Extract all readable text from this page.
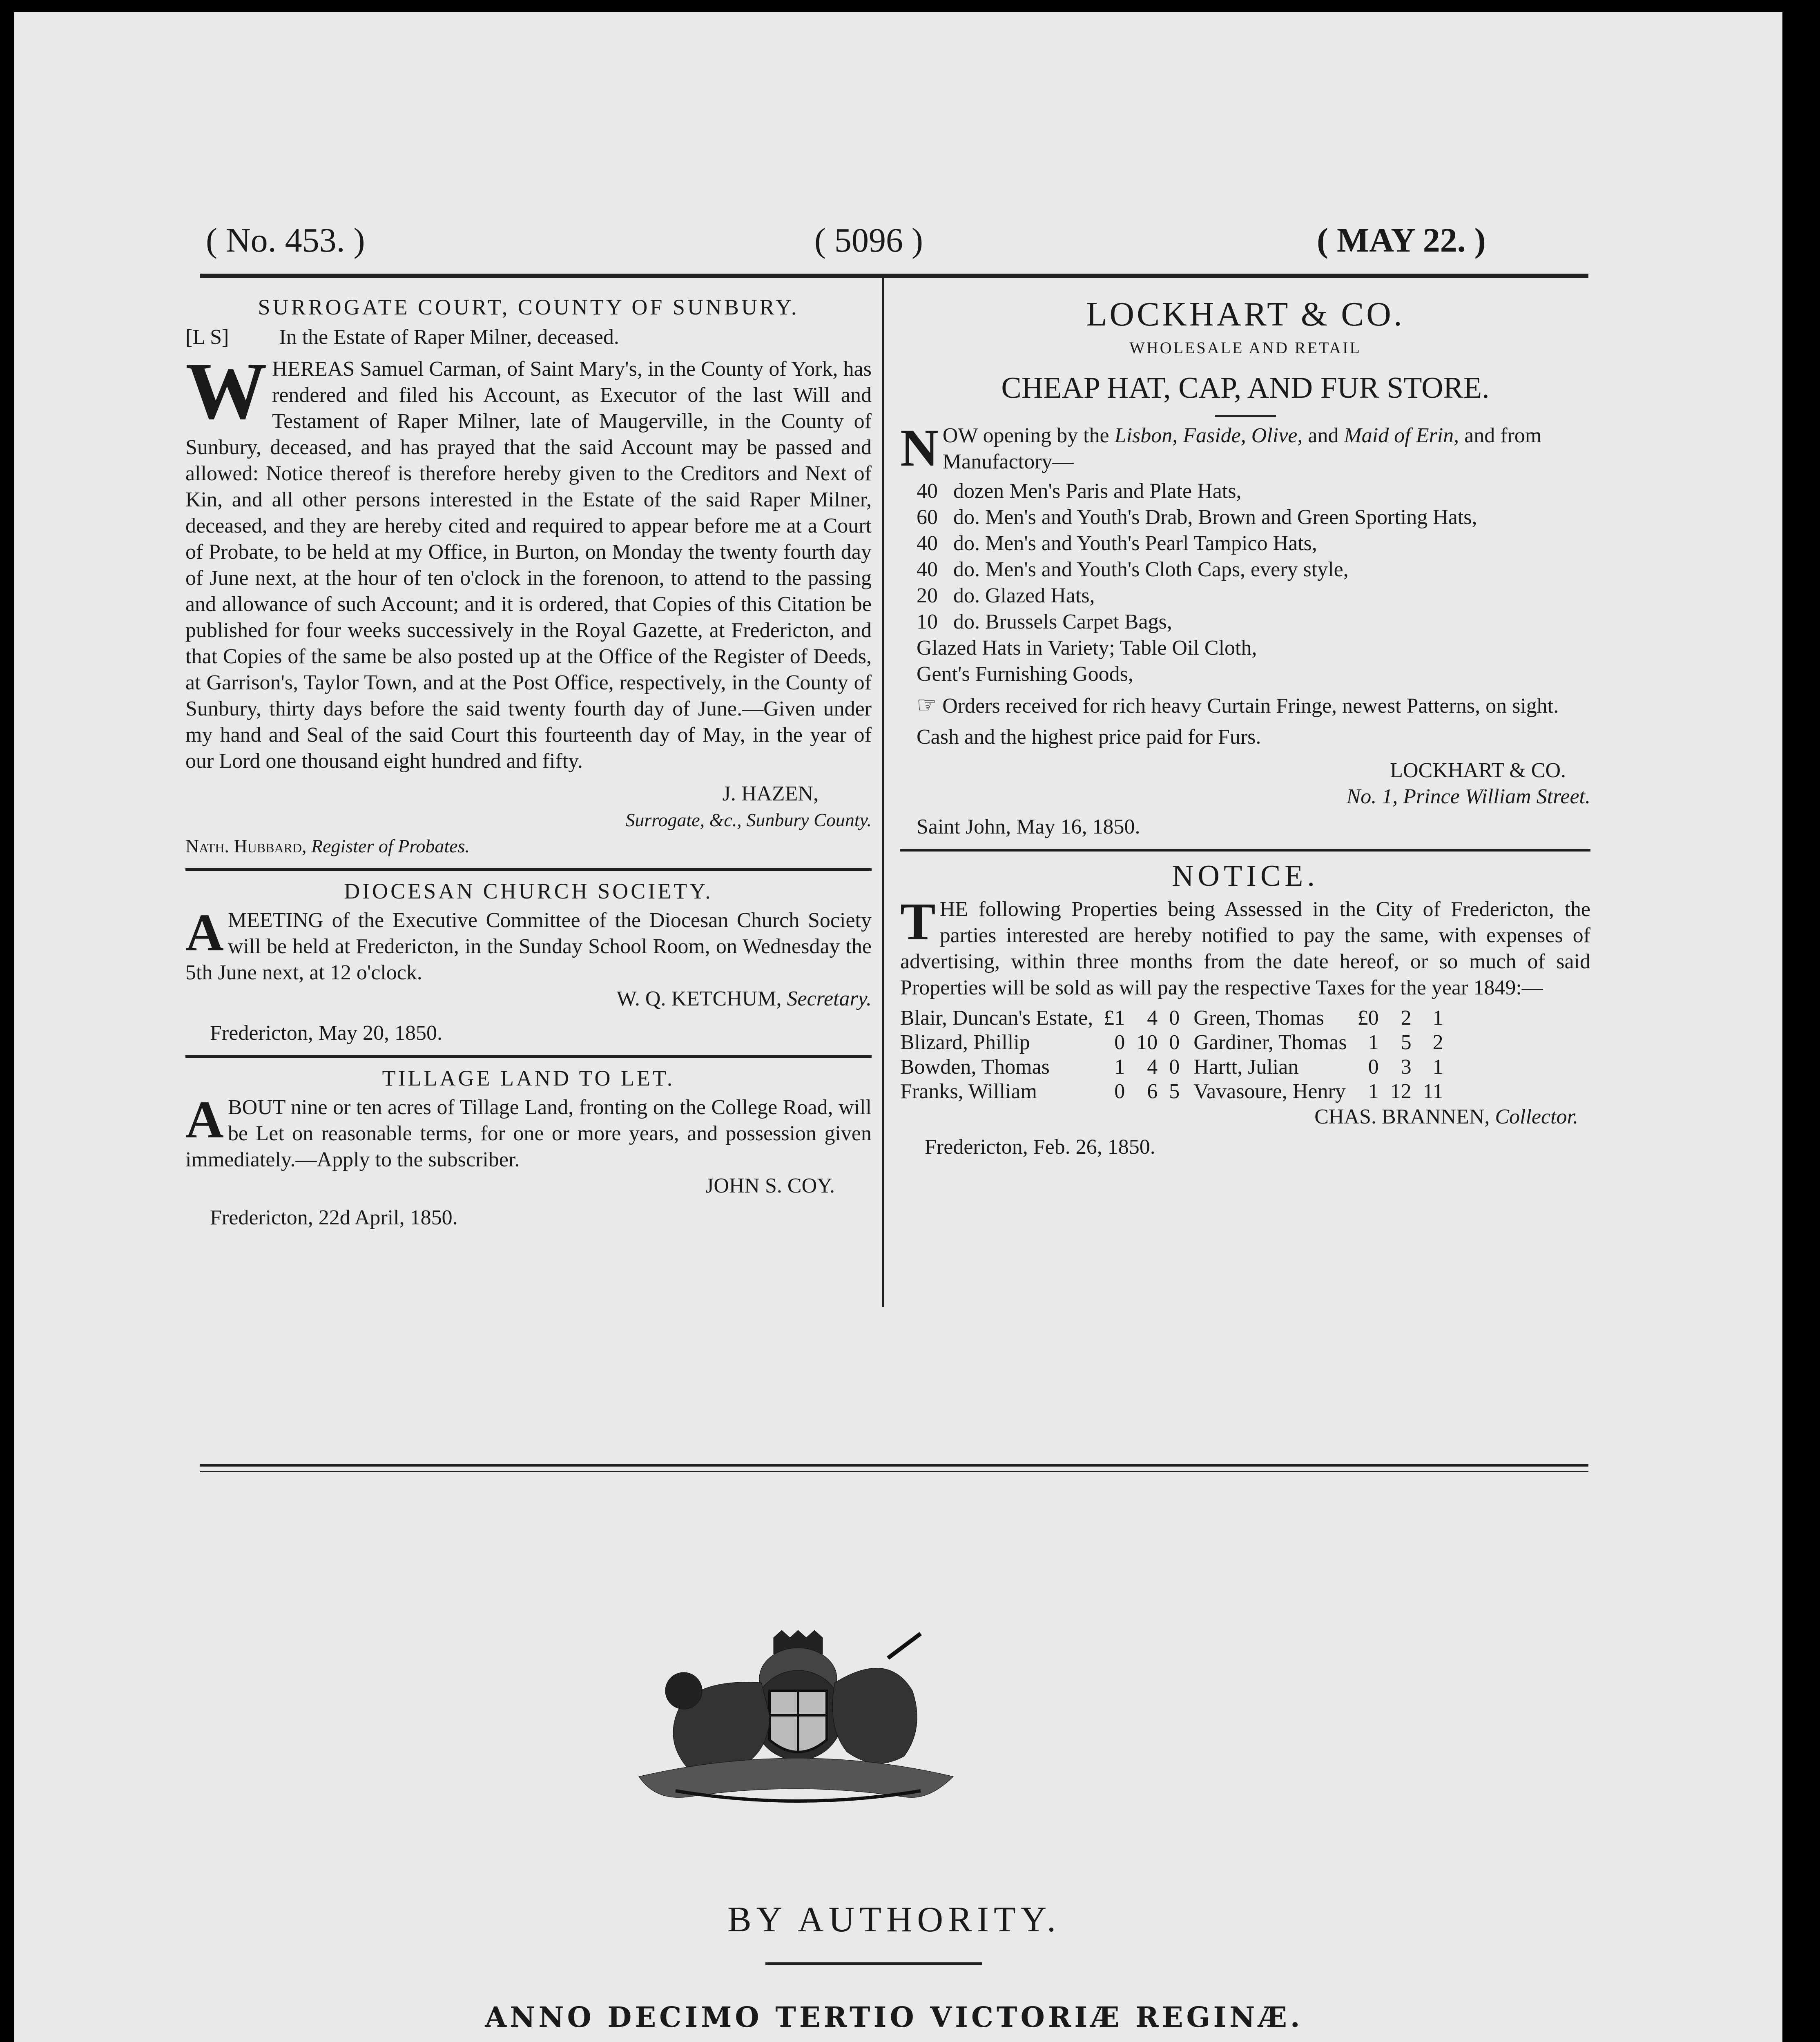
( No. 453. )	( 5096 )	( MAY 22. )
SURROGATE COURT, COUNTY OF SUNBURY.
[L S] In the Estate of Raper Milner, deceased.
W HEREAS Samuel Carman, of Saint Mary's, in the County of York, has rendered and filed his Account, as Executor of the last Will and Testament of Raper Milner, late of Maugerville, in the County of Sunbury, deceased, and has prayed that the said Account may be passed and allowed: Notice thereof is therefore hereby given to the Creditors and Next of Kin, and all other persons interested in the Estate of the said Raper Milner, deceased, and they are hereby cited and required to appear before me at a Court of Probate, to be held at my Office, in Burton, on Monday the twenty fourth day of June next, at the hour of ten o'clock in the forenoon, to attend to the passing and allowance of such Account; and it is ordered, that Copies of this Citation be published for four weeks successively in the Royal Gazette, at Fredericton, and that Copies of the same be also posted up at the Office of the Register of Deeds, at Garrison's, Taylor Town, and at the Post Office, respectively, in the County of Sunbury, thirty days before the said twenty fourth day of June.—Given under my hand and Seal of the said Court this fourteenth day of May, in the year of our Lord one thousand eight hundred and fifty.
J. HAZEN,
Surrogate, &c., Sunbury County.
Nath. Hubbard, Register of Probates.
DIOCESAN CHURCH SOCIETY.
A MEETING of the Executive Committee of the Diocesan Church Society will be held at Fredericton, in the Sunday School Room, on Wednesday the 5th June next, at 12 o'clock.
W. Q. KETCHUM, Secretary.
Fredericton, May 20, 1850.
TILLAGE LAND TO LET.
A BOUT nine or ten acres of Tillage Land, fronting on the College Road, will be Let on reasonable terms, for one or more years, and possession given immediately.—Apply to the subscriber.
JOHN S. COY.
Fredericton, 22d April, 1850.
LOCKHART & CO.
WHOLESALE AND RETAIL
CHEAP HAT, CAP, AND FUR STORE.
N OW opening by the Lisbon, Faside, Olive, and Maid of Erin, and from Manufactory—
40 dozen Men's Paris and Plate Hats,
60 do. Men's and Youth's Drab, Brown and Green Sporting Hats,
40 do. Men's and Youth's Pearl Tampico Hats,
40 do. Men's and Youth's Cloth Caps, every style,
20 do. Glazed Hats,
10 do. Brussels Carpet Bags,
Glazed Hats in Variety; Table Oil Cloth,
Gent's Furnishing Goods,
☞ Orders received for rich heavy Curtain Fringe, newest Patterns, on sight.
Cash and the highest price paid for Furs.
LOCKHART & CO.
No. 1, Prince William Street.
Saint John, May 16, 1850.
NOTICE.
T HE following Properties being Assessed in the City of Fredericton, the parties interested are hereby notified to pay the same, with expenses of advertising, within three months from the date hereof, or so much of said Properties will be sold as will pay the respective Taxes for the year 1849:—
Blair, Duncan's Estate,	£1	4	0	Green, Thomas	£0	2	1
Blizard, Phillip	0	10	0	Gardiner, Thomas	1	5	2
Bowden, Thomas	1	4	0	Hartt, Julian	0	3	1
Franks, William	0	6	5	Vavasoure, Henry	1	12	11
CHAS. BRANNEN, Collector.
Fredericton, Feb. 26, 1850.
BY AUTHORITY.
ANNO DECIMO TERTIO VICTORIÆ REGINÆ.
